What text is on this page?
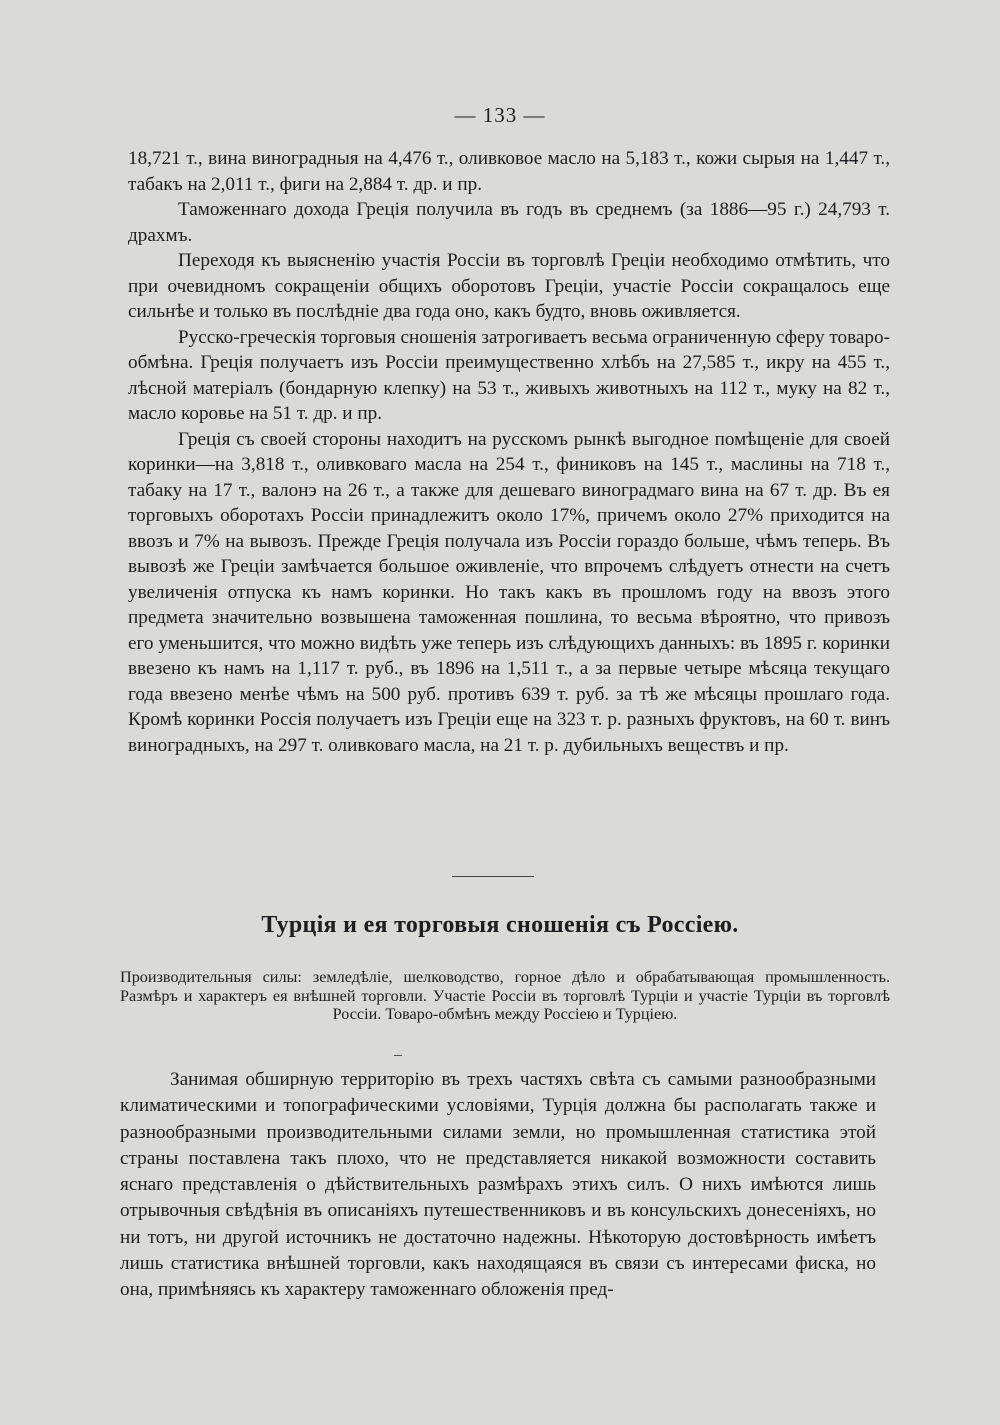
— 133 —

18,721 т., вина виноградныя на 4,476 т., оливковое масло на 5,183 т., кожи сырыя на 1,447 т., табакъ на 2,011 т., фиги на 2,884 т. др. и пр.

Таможеннаго дохода Греція получила въ годъ въ среднемъ (за 1886—95 г.) 24,793 т. драхмъ.

Переходя къ выясненію участія Россіи въ торговлѣ Греціи необходимо отмѣтить, что при очевидномъ сокращеніи общихъ оборотовъ Греціи, участіе Россіи сокращалось еще сильнѣе и только въ послѣдніе два года оно, какъ будто, вновь оживляется.

Русско-греческія торговыя сношенія затрогиваетъ весьма ограниченную сферу товаро-обмѣна. Греція получаетъ изъ Россіи преимущественно хлѣбъ на 27,585 т., икру на 455 т., лѣсной матеріалъ (бондарную клепку) на 53 т., живыхъ животныхъ на 112 т., муку на 82 т., масло коровье на 51 т. др. и пр.

Греція съ своей стороны находитъ на русскомъ рынкѣ выгодное помѣщеніе для своей коринки—на 3,818 т., оливковаго масла на 254 т., финиковъ на 145 т., маслины на 718 т., табаку на 17 т., валонэ на 26 т., а также для дешеваго виноградмаго вина на 67 т. др. Въ ея торговыхъ оборотахъ Россіи принадлежитъ около 17%, причемъ около 27% приходится на ввозъ и 7% на вывозъ. Прежде Греція получала изъ Россіи гораздо больше, чѣмъ теперь. Въ вывозѣ же Греціи замѣчается большое оживленіе, что впрочемъ слѣдуетъ отнести на счетъ увеличенія отпуска къ намъ коринки. Но такъ какъ въ прошломъ году на ввозъ этого предмета значительно возвышена таможенная пошлина, то весьма вѣроятно, что привозъ его уменьшится, что можно видѣть уже теперь изъ слѣдующихъ данныхъ: въ 1895 г. коринки ввезено къ намъ на 1,117 т. руб., въ 1896 на 1,511 т., а за первые четыре мѣсяца текущаго года ввезено менѣе чѣмъ на 500 руб. противъ 639 т. руб. за тѣ же мѣсяцы прошлаго года. Кромѣ коринки Россія получаетъ изъ Греціи еще на 323 т. р. разныхъ фруктовъ, на 60 т. винъ виноградныхъ, на 297 т. оливковаго масла, на 21 т. р. дубильныхъ веществъ и пр.

Турція и ея торговыя сношенія съ Россіею.
Производительныя силы: земледѣліе, шелководство, горное дѣло и обрабатывающая промышленность. Размѣръ и характеръ ея внѣшней торговли. Участіе Россіи въ торговлѣ Турціи и участіе Турціи въ торговлѣ Россіи. Товаро-обмѣнъ между Россіею и Турціею.

Занимая обширную территорію въ трехъ частяхъ свѣта съ самыми разнообразными климатическими и топографическими условіями, Турція должна бы располагать также и разнообразными производительными силами земли, но промышленная статистика этой страны поставлена такъ плохо, что не представляется никакой возможности составить яснаго представленія о дѣйствительныхъ размѣрахъ этихъ силъ. О нихъ имѣются лишь отрывочныя свѣдѣнія въ описаніяхъ путешественниковъ и въ консульскихъ донесеніяхъ, но ни тотъ, ни другой источникъ не достаточно надежны. Нѣкоторую достовѣрность имѣетъ лишь статистика внѣшней торговли, какъ находящаяся въ связи съ интересами фиска, но она, примѣняясь къ характеру таможеннаго обложенія пред-
